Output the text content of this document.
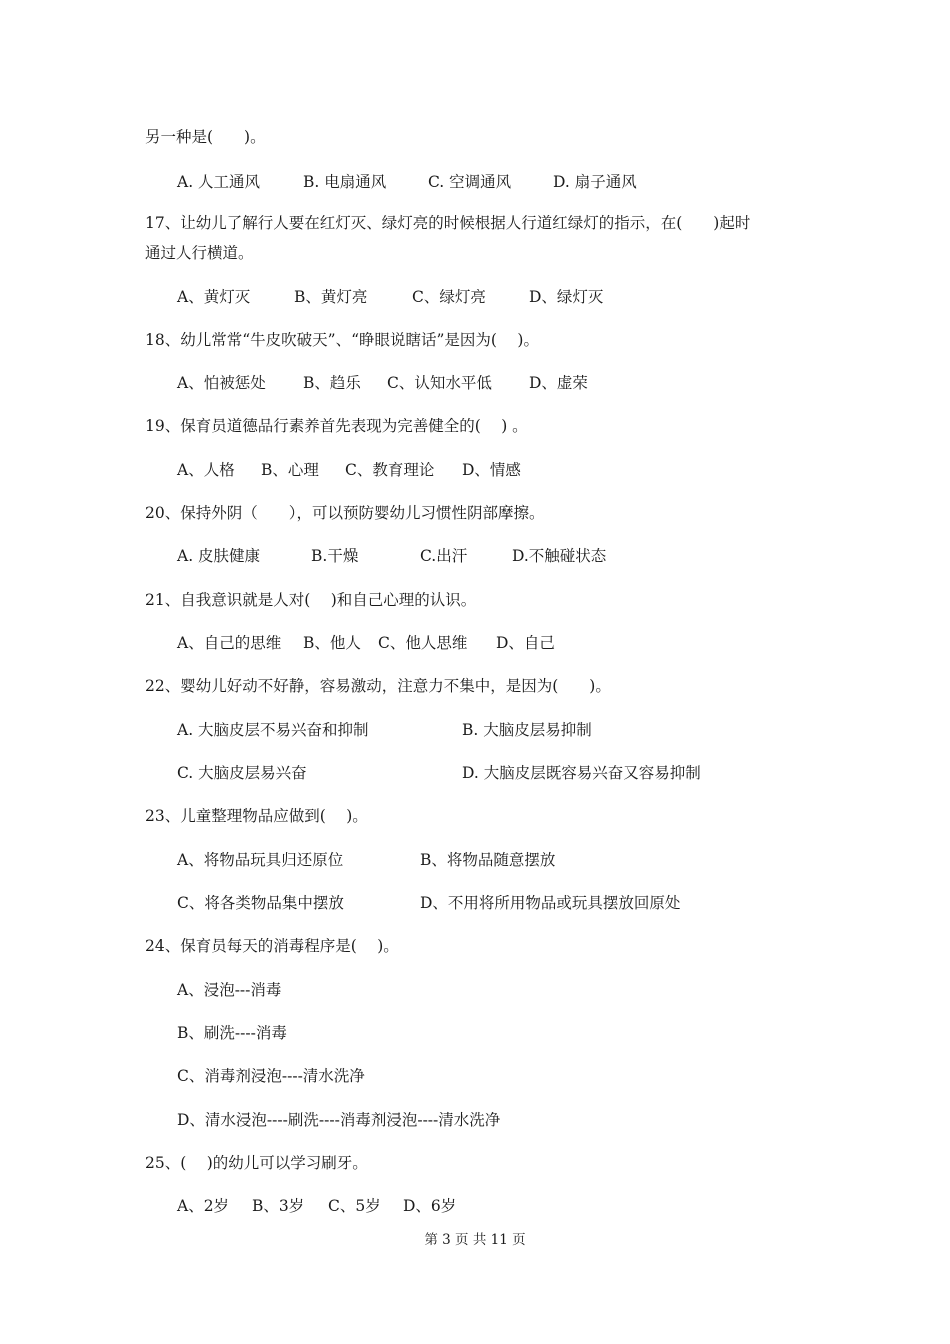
另一种是(　　)。
A. 人工通风	B. 电扇通风	C. 空调通风	D. 扇子通风
17、让幼儿了解行人要在红灯灭、绿灯亮的时候根据人行道红绿灯的指示，在(　　)起时
通过人行横道。
A、黄灯灭	B、黄灯亮	C、绿灯亮	D、绿灯灭
18、幼儿常常“牛皮吹破天”、“睁眼说瞎话”是因为(　 )。
A、怕被惩处 B、趋乐 C、认知水平低 D、虚荣
19、保育员道德品行素养首先表现为完善健全的(　 ) 。
A、人格 B、心理 C、教育理论 D、情感
20、保持外阴（　　），可以预防婴幼儿习惯性阴部摩擦。
A. 皮肤健康	B.干燥	C.出汗	D.不触碰状态
21、自我意识就是人对(　 )和自己心理的认识。
A、自己的思维 B、他人 C、他人思维 D、自己
22、婴幼儿好动不好静，容易激动，注意力不集中，是因为(　　)。
A. 大脑皮层不易兴奋和抑制	B. 大脑皮层易抑制
C. 大脑皮层易兴奋	D. 大脑皮层既容易兴奋又容易抑制
23、儿童整理物品应做到(　 )。
A、将物品玩具归还原位	B、将物品随意摆放
C、将各类物品集中摆放	D、不用将所用物品或玩具摆放回原处
24、保育员每天的消毒程序是(　 )。
A、浸泡---消毒
B、刷洗----消毒
C、消毒剂浸泡----清水洗净
D、清水浸泡----刷洗----消毒剂浸泡----清水洗净
25、(　 )的幼儿可以学习刷牙。
A、2岁 B、3岁 C、5岁 D、6岁
第 3 页 共 11 页
